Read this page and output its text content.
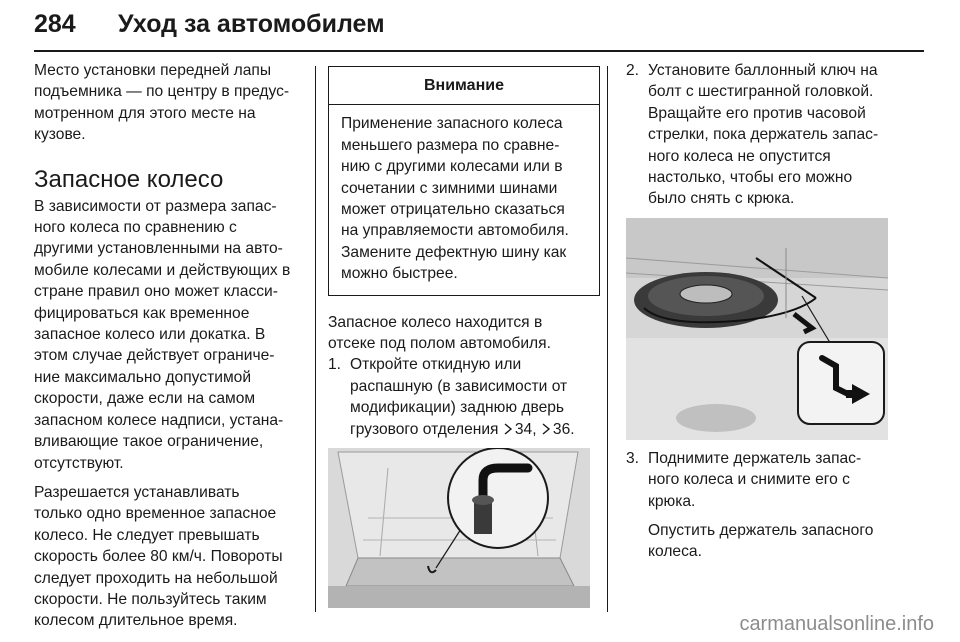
284 Уход за автомобилем

Место установки передней лапы
подъемника — по центру в предус-
мотренном для этого месте на
кузове.

Запасное колесо

В зависимости от размера запас-
ного колеса по сравнению с
другими установленными на авто-
мобиле колесами и действующих в
стране правил оно может класси-
фицироваться как временное
запасное колесо или докатка. В
этом случае действует ограниче-
ние максимально допустимой
скорости, даже если на самом
запасном колесе надписи, устана-
вливающие такое ограничение,
отсутствуют.

Разрешается устанавливать
только одно временное запасное
колесо. Не следует превышать
скорость более 80 км/ч. Повороты
следует проходить на небольшой
скорости. Не пользуйтесь таким
колесом длительное время.

Внимание
Применение запасного колеса
меньшего размера по сравне-
нию с другими колесами или в
сочетании с зимними шинами
может отрицательно сказаться
на управляемости автомобиля.
Замените дефектную шину как
можно быстрее.

Запасное колесо находится в
отсеке под полом автомобиля.

1. Откройте откидную или
распашную (в зависимости от
модификации) заднюю дверь
грузового отделения 34, 36.
2. Установите баллонный ключ на
болт с шестигранной головкой.
Вращайте его против часовой
стрелки, пока держатель запас-
ного колеса не опустится
настолько, чтобы его можно
было снять с крюка.
3. Поднимите держатель запас-
ного колеса и снимите его с
крюка.

Опустить держатель запасного
колеса.

carmanualsonline.info
